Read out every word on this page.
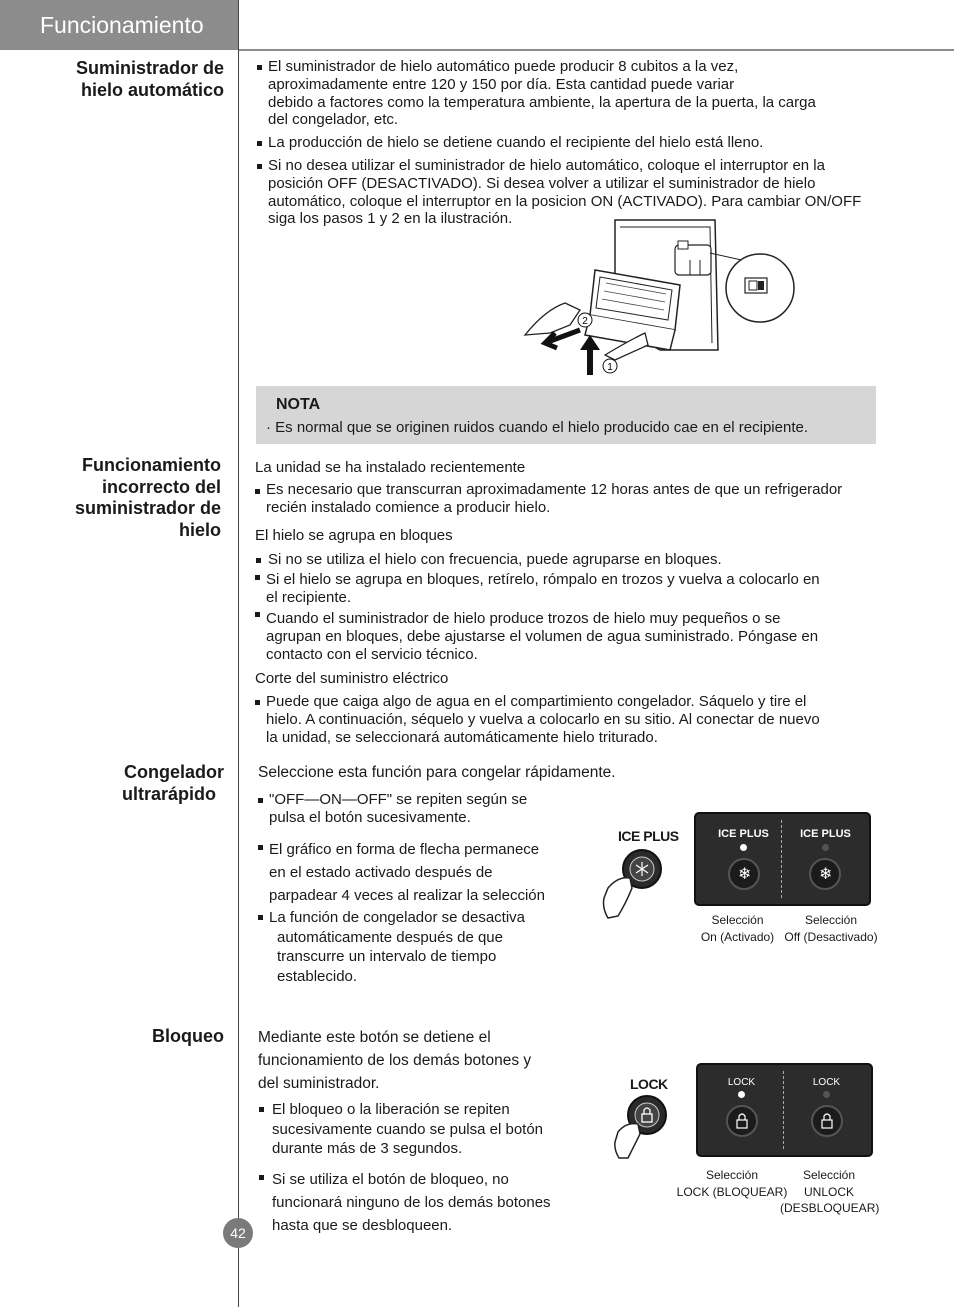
Funcionamiento
Suministrador de
hielo automático
El suministrador de hielo automático puede producir 8 cubitos a la vez,
aproximadamente entre 120 y 150 por día. Esta cantidad puede variar
debido a factores como la temperatura ambiente, la apertura de la puerta, la carga
del congelador, etc.
La producción de hielo se detiene cuando el recipiente del hielo está lleno.
Si no desea utilizar el suministrador de hielo automático, coloque el interruptor en la
posición OFF (DESACTIVADO). Si desea volver a utilizar el suministrador de hielo
automático, coloque el interruptor en la posicion ON (ACTIVADO). Para cambiar ON/OFF
siga los pasos 1 y 2 en la ilustración.
2
1
NOTA
· Es normal que se originen ruidos cuando el hielo producido cae en el recipiente.
Funcionamiento
incorrecto del
suministrador de
hielo
La unidad se ha instalado recientemente
Es necesario que transcurran aproximadamente 12 horas antes de que un refrigerador
recién instalado comience a producir hielo.
El hielo se agrupa en bloques
Si no se utiliza el hielo con frecuencia, puede agruparse en bloques.
Si el hielo se agrupa en bloques, retírelo, rómpalo en trozos y vuelva a colocarlo en
el recipiente.
Cuando el suministrador de hielo produce trozos de hielo muy pequeños o se
agrupan en bloques, debe ajustarse el volumen de agua suministrado. Póngase en
contacto con el servicio técnico.
Corte del suministro eléctrico
Puede que caiga algo de agua en el compartimiento congelador. Sáquelo y tire el
hielo. A continuación, séquelo y vuelva a colocarlo en su sitio. Al conectar de nuevo
la unidad, se seleccionará automáticamente hielo triturado.
Congelador
ultrarápido
Seleccione esta función para congelar rápidamente.
"OFF—ON—OFF" se repiten según se
pulsa el botón sucesivamente.
El gráfico en forma de flecha permanece
en el estado activado después de
parpadear 4 veces al realizar la selección
La función de congelador se desactiva
automáticamente después de que
transcurre un intervalo de tiempo
establecido.
ICE PLUS	ICE PLUS	ICE PLUS
❄	❄
Selección
On (Activado)
Selección
Off (Desactivado)
Bloqueo Mediante este botón se detiene el
funcionamiento de los demás botones y
del suministrador.
El bloqueo o la liberación se repiten
sucesivamente cuando se pulsa el botón
durante más de 3 segundos.
Si se utiliza el botón de bloqueo, no
funcionará ninguno de los demás botones
hasta que se desbloqueen.
LOCK	LOCK	LOCK
Selección
LOCK (BLOQUEAR)
Selección
UNLOCK
(DESBLOQUEAR)
42
